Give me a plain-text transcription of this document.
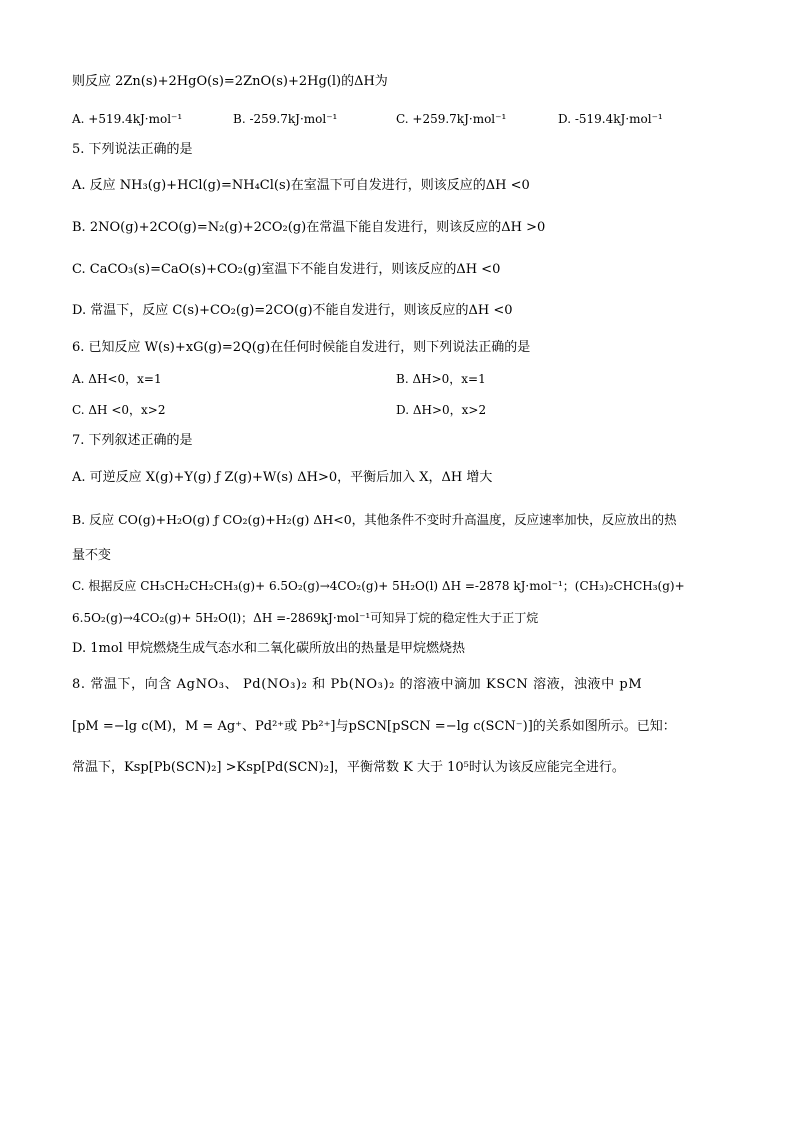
则反应 2Zn(s)+2HgO(s)=2ZnO(s)+2Hg(l)的ΔH为
A. +519.4kJ·mol⁻¹	B. -259.7kJ·mol⁻¹	C. +259.7kJ·mol⁻¹	D. -519.4kJ·mol⁻¹
5. 下列说法正确的是
A. 反应 NH₃(g)+HCl(g)=NH₄Cl(s)在室温下可自发进行，则该反应的ΔH <0
B. 2NO(g)+2CO(g)=N₂(g)+2CO₂(g)在常温下能自发进行，则该反应的ΔH >0
C. CaCO₃(s)=CaO(s)+CO₂(g)室温下不能自发进行，则该反应的ΔH <0
D. 常温下，反应 C(s)+CO₂(g)=2CO(g)不能自发进行，则该反应的ΔH <0
6. 已知反应 W(s)+xG(g)=2Q(g)在任何时候能自发进行，则下列说法正确的是
A. ΔH<0，x=1	B. ΔH>0，x=1
C. ΔH <0，x>2	D. ΔH>0，x>2
7. 下列叙述正确的是
A. 可逆反应 X(g)+Y(g) ƒ Z(g)+W(s) ΔH>0，平衡后加入 X，ΔH 增大
B. 反应 CO(g)+H₂O(g) ƒ CO₂(g)+H₂(g) ΔH<0，其他条件不变时升高温度，反应速率加快，反应放出的热
量不变
C. 根据反应 CH₃CH₂CH₂CH₃(g)+ 6.5O₂(g)→4CO₂(g)+ 5H₂O(l) ΔH =-2878 kJ·mol⁻¹；(CH₃)₂CHCH₃(g)+
6.5O₂(g)→4CO₂(g)+ 5H₂O(l)；ΔH =-2869kJ·mol⁻¹可知异丁烷的稳定性大于正丁烷
D. 1mol 甲烷燃烧生成气态水和二氧化碳所放出的热量是甲烷燃烧热
8. 常温下，向含 AgNO₃、 Pd(NO₃)₂ 和 Pb(NO₃)₂ 的溶液中滴加 KSCN 溶液，浊液中 pM
[pM =−lg c(M)，M = Ag⁺、Pd²⁺或 Pb²⁺]与pSCN[pSCN =−lg c(SCN⁻)]的关系如图所示。已知：
常温下，Ksp[Pb(SCN)₂] >Ksp[Pd(SCN)₂]，平衡常数 K 大于 10⁵时认为该反应能完全进行。
